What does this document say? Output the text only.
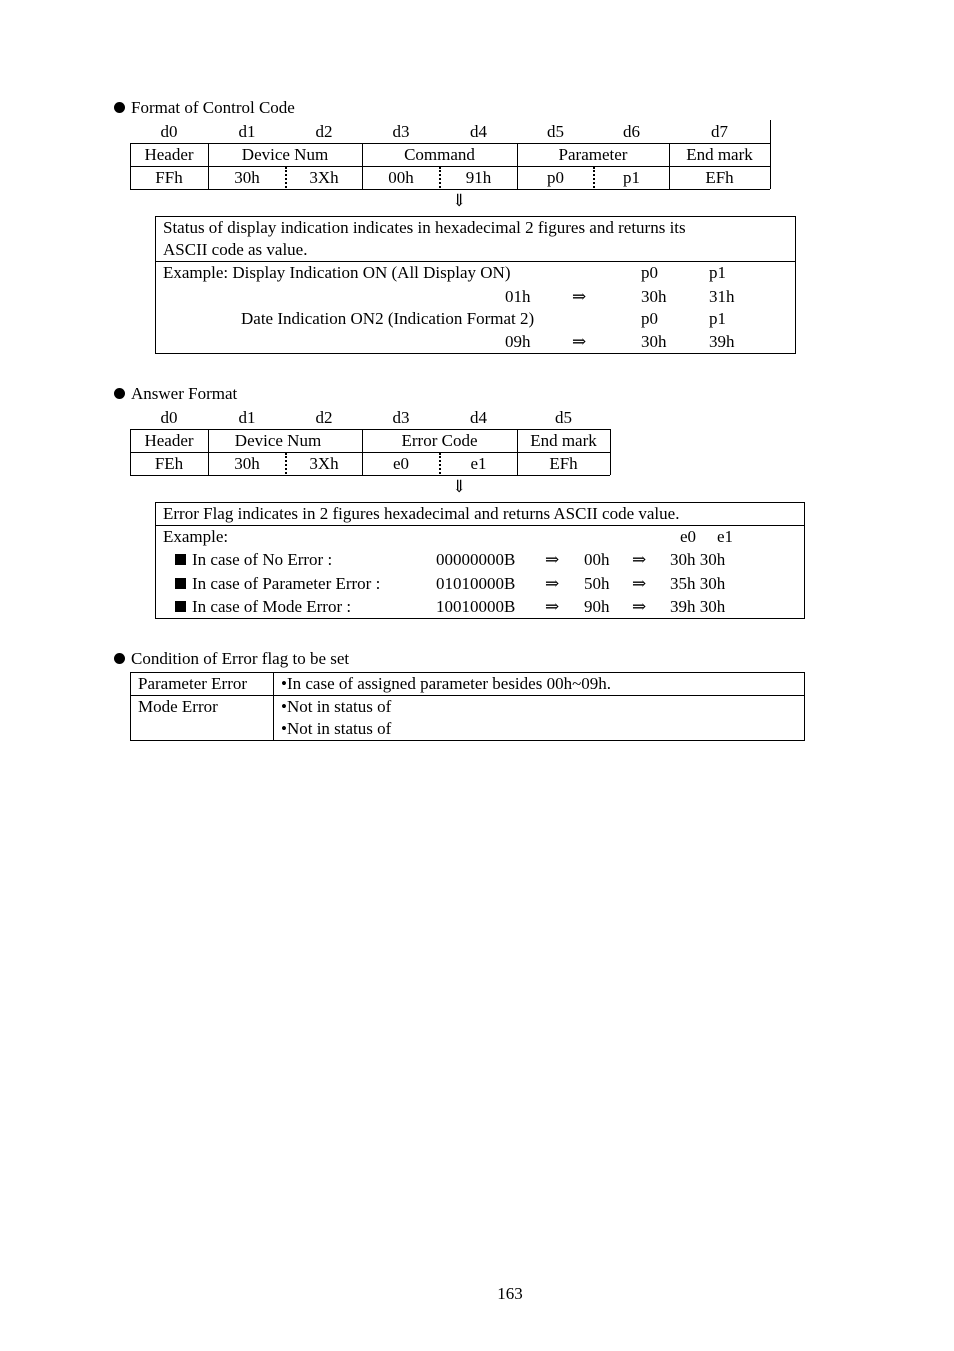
Format of Control Code
d0	d1	d2	d3	d4	d5	d6	d7
Header	Device Num	Command	Parameter	End mark
FFh	30h	3Xh	00h	91h	p0	p1	EFh
⇓
Status of display indication indicates in hexadecimal 2 figures and returns its
ASCII code as value.
Example: Display Indication ON (All Display ON)	p0	p1
01h ⇒	30h	31h
Date Indication ON2 (Indication Format 2)	p0	p1
09h ⇒	30h	39h
Answer Format
d0	d1	d2	d3	d4	d5
Header	Device Num	Error Code	End mark
FEh	30h	3Xh	e0	e1	EFh
⇓
Error Flag indicates in 2 figures hexadecimal and returns ASCII code value.
Example:	e0 e1
In case of No Error :	00000000B ⇒ 00h ⇒ 30h 30h
In case of Parameter Error :	01010000B ⇒ 50h ⇒ 35h 30h
In case of Mode Error :	10010000B ⇒ 90h ⇒ 39h 30h
Condition of Error flag to be set
Parameter Error •In case of assigned parameter besides 00h~09h.
Mode Error	•Not in status of
•Not in status of
163
